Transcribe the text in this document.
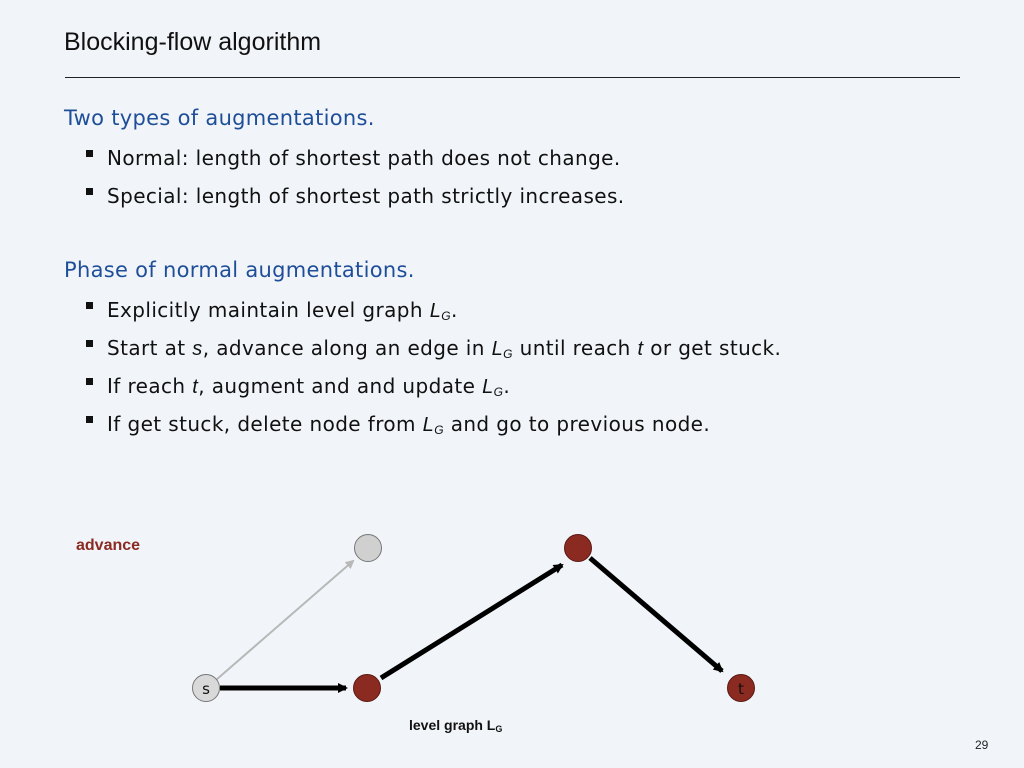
Blocking-flow algorithm
Two types of augmentations.
Normal: length of shortest path does not change.
Special: length of shortest path strictly increases.
Phase of normal augmentations.
Explicitly maintain level graph $L_G$.
Start at s, advance along an edge in $L_G$ until reach t or get stuck.
If reach t, augment and and update $L_G$.
If get stuck, delete node from $L_G$ and go to previous node.
advance
s	t
level graph LG
29
